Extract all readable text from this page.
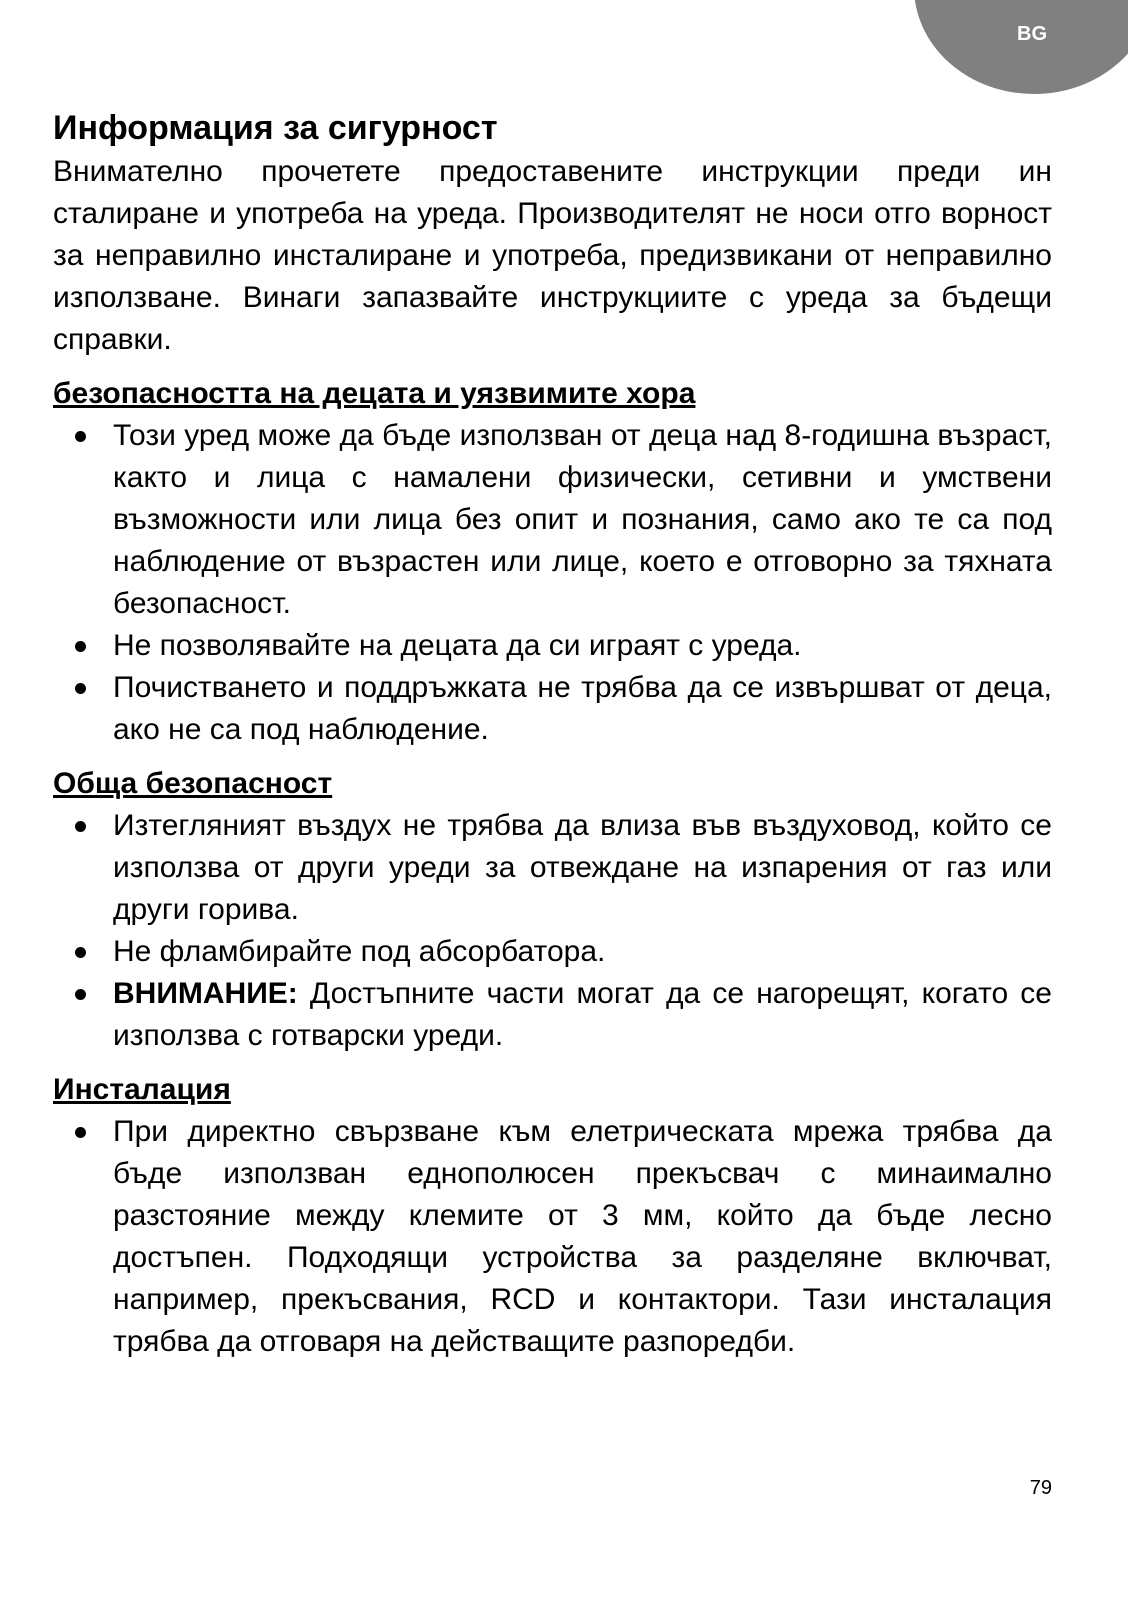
BG
Информация за сигурност

Внимателно прочетете предоставените инструкции преди ин сталиране и употреба на уреда. Производителят не носи отго ворност за неправилно инсталиране и употреба, предизвикани от неправилно използване. Винаги запазвайте инструкциите с уреда за бъдещи справки.

безопасността на децата и уязвимите хора
Този уред може да бъде използван от деца над 8-годишна възраст, както и лица с намалени физически, сетивни и умствени възможности или лица без опит и познания, само ако те са под наблюдение от възрастен или лице, което е отговорно за тяхната безопасност.
Не позволявайте на децата да си играят с уреда.
Почистването и поддръжката не трябва да се извършват от деца, ако не са под наблюдение.
Обща безопасност
Изтегляният въздух не трябва да влиза във въздуховод, който се използва от други уреди за отвеждане на изпарения от газ или други горива.
Не фламбирайте под абсорбатора.
ВНИМАНИЕ: Достъпните части могат да се нагорещят, когато се използва с готварски уреди.
Инсталация
При директно свързване към елетрическата мрежа трябва да бъде използван еднополюсен прекъсвач с минаимално разстояние между клемите от 3 мм, който да бъде лесно достъпен. Подходящи устройства за разделяне включват, например, прекъсвания, RCD и контактори. Тази инсталация трябва да отговаря на действащите разпоредби.
79
